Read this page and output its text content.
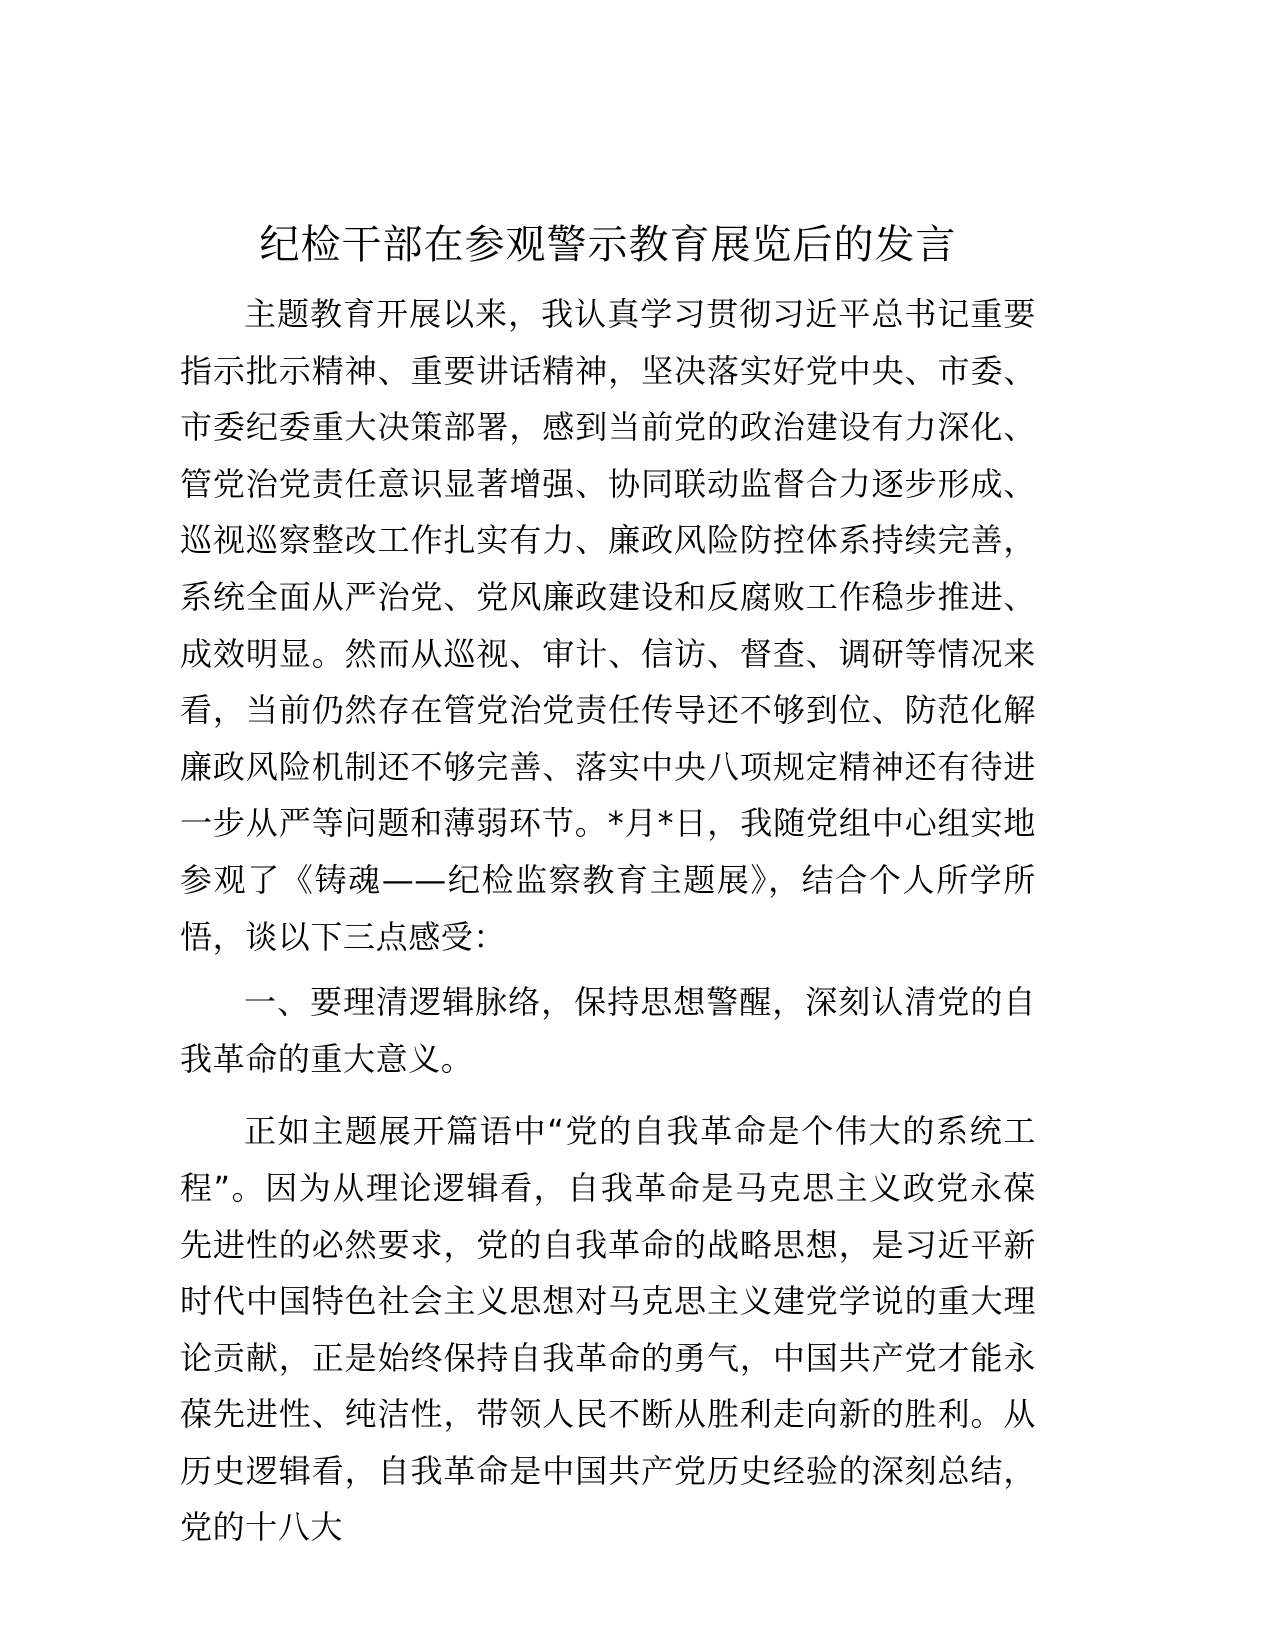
纪检干部在参观警示教育展览后的发言

主题教育开展以来，我认真学习贯彻习近平总书记重要指示批示精神、重要讲话精神，坚决落实好党中央、市委、市委纪委重大决策部署，感到当前党的政治建设有力深化、管党治党责任意识显著增强、协同联动监督合力逐步形成、巡视巡察整改工作扎实有力、廉政风险防控体系持续完善，系统全面从严治党、党风廉政建设和反腐败工作稳步推进、成效明显。然而从巡视、审计、信访、督查、调研等情况来看，当前仍然存在管党治党责任传导还不够到位、防范化解廉政风险机制还不够完善、落实中央八项规定精神还有待进一步从严等问题和薄弱环节。*月*日，我随党组中心组实地参观了《铸魂——纪检监察教育主题展》，结合个人所学所悟，谈以下三点感受：

一、要理清逻辑脉络，保持思想警醒，深刻认清党的自我革命的重大意义。

正如主题展开篇语中“党的自我革命是个伟大的系统工程”。因为从理论逻辑看，自我革命是马克思主义政党永葆先进性的必然要求，党的自我革命的战略思想，是习近平新时代中国特色社会主义思想对马克思主义建党学说的重大理论贡献，正是始终保持自我革命的勇气，中国共产党才能永葆先进性、纯洁性，带领人民不断从胜利走向新的胜利。从历史逻辑看，自我革命是中国共产党历史经验的深刻总结，党的十八大
